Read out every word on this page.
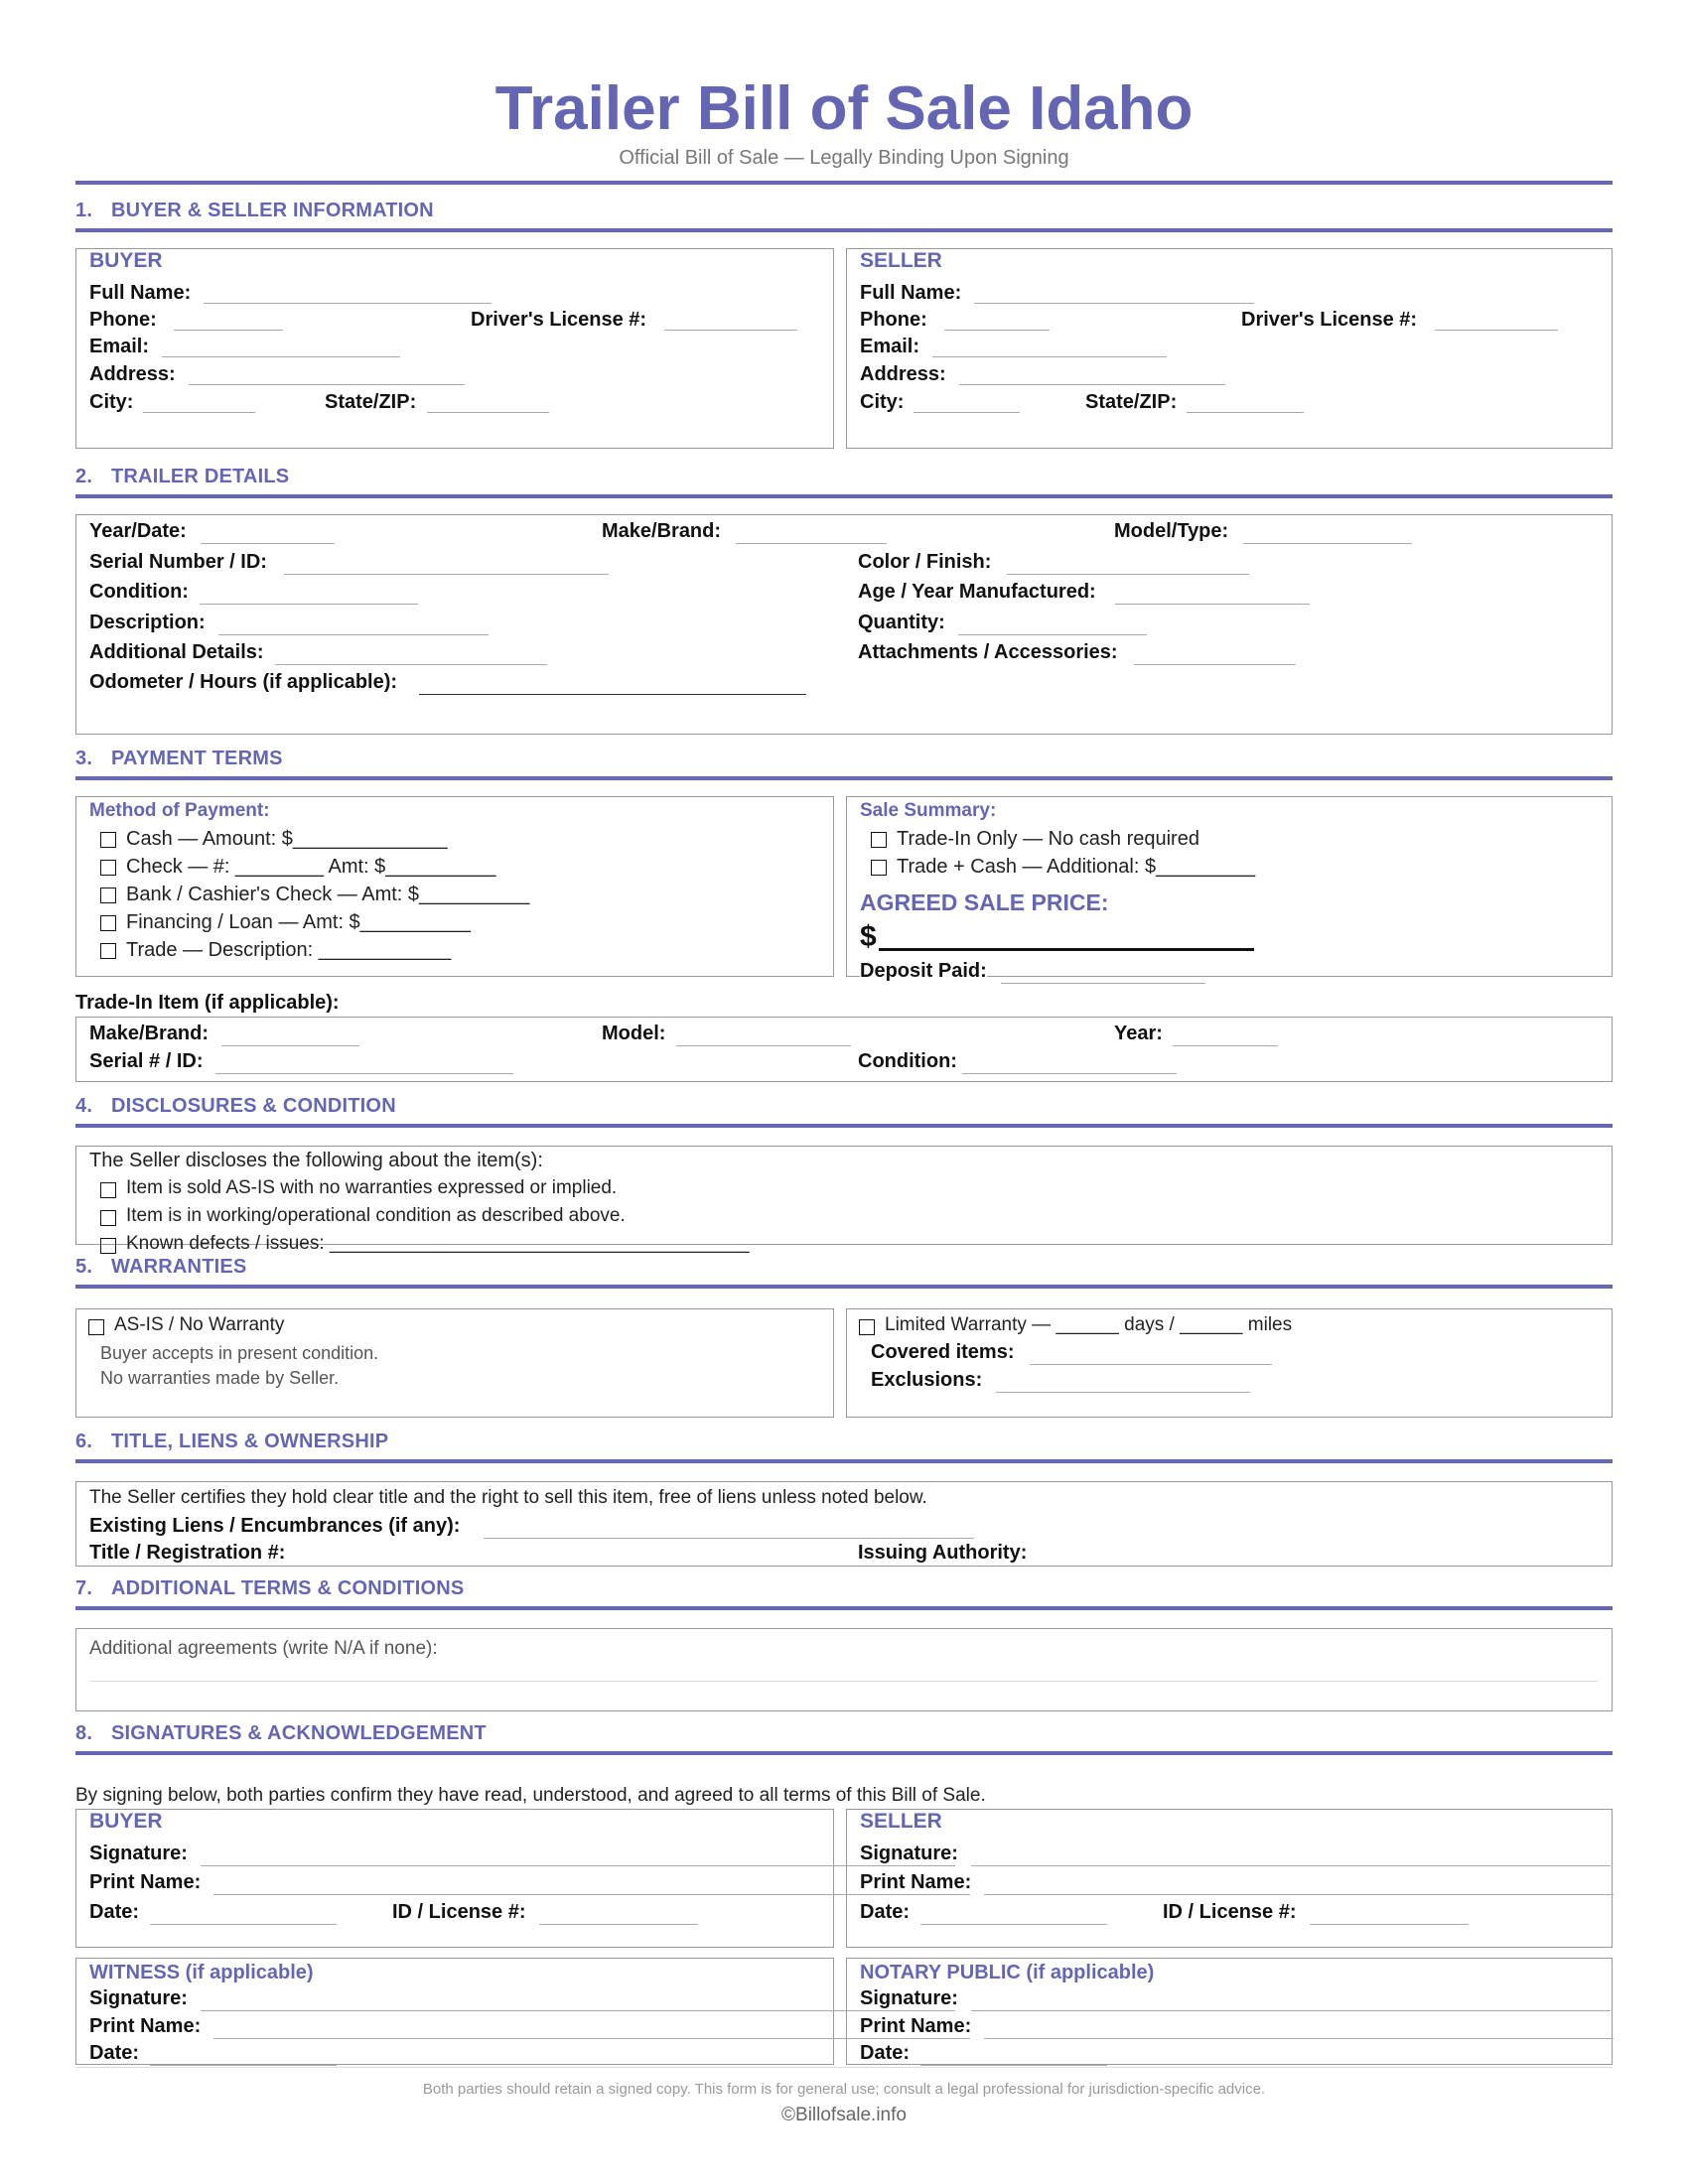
Trailer Bill of Sale Idaho
Official Bill of Sale — Legally Binding Upon Signing
1. BUYER & SELLER INFORMATION
BUYER
Full Name:
Phone:	Driver's License #:
Email:
Address:
City:	State/ZIP:
SELLER
Full Name:
Phone:	Driver's License #:
Email:
Address:
City:	State/ZIP:
2. TRAILER DETAILS
Year/Date:	Make/Brand:	Model/Type:
Serial Number / ID:	Color / Finish:
Condition:	Age / Year Manufactured:
Description:	Quantity:
Additional Details:	Attachments / Accessories:
Odometer / Hours (if applicable):
3. PAYMENT TERMS
Method of Payment:
Cash — Amount: $______________
Check — #: ________ Amt: $__________
Bank / Cashier's Check — Amt: $__________
Financing / Loan — Amt: $__________
Trade — Description: ____________
Sale Summary:
Trade-In Only — No cash required
Trade + Cash — Additional: $_________
AGREED SALE PRICE:
$
Deposit Paid:
Trade-In Item (if applicable):
Make/Brand:	Model:	Year:
Serial # / ID:	Condition:
4. DISCLOSURES & CONDITION
The Seller discloses the following about the item(s):
Item is sold AS-IS with no warranties expressed or implied.
Item is in working/operational condition as described above.
Known defects / issues: ________________________________________
5. WARRANTIES
AS-IS / No Warranty
Buyer accepts in present condition.
No warranties made by Seller.
Limited Warranty — ______ days / ______ miles
Covered items:
Exclusions:
6. TITLE, LIENS & OWNERSHIP
The Seller certifies they hold clear title and the right to sell this item, free of liens unless noted below.
Existing Liens / Encumbrances (if any):
Title / Registration #:	Issuing Authority:
7. ADDITIONAL TERMS & CONDITIONS
Additional agreements (write N/A if none):
8. SIGNATURES & ACKNOWLEDGEMENT
By signing below, both parties confirm they have read, understood, and agreed to all terms of this Bill of Sale.
BUYER
Signature:
Print Name:
Date:	ID / License #:
SELLER
Signature:
Print Name:
Date:	ID / License #:
WITNESS (if applicable)
Signature:
Print Name:
Date:
NOTARY PUBLIC (if applicable)
Signature:
Print Name:
Date:
Both parties should retain a signed copy. This form is for general use; consult a legal professional for jurisdiction-specific advice.
©Billofsale.info
